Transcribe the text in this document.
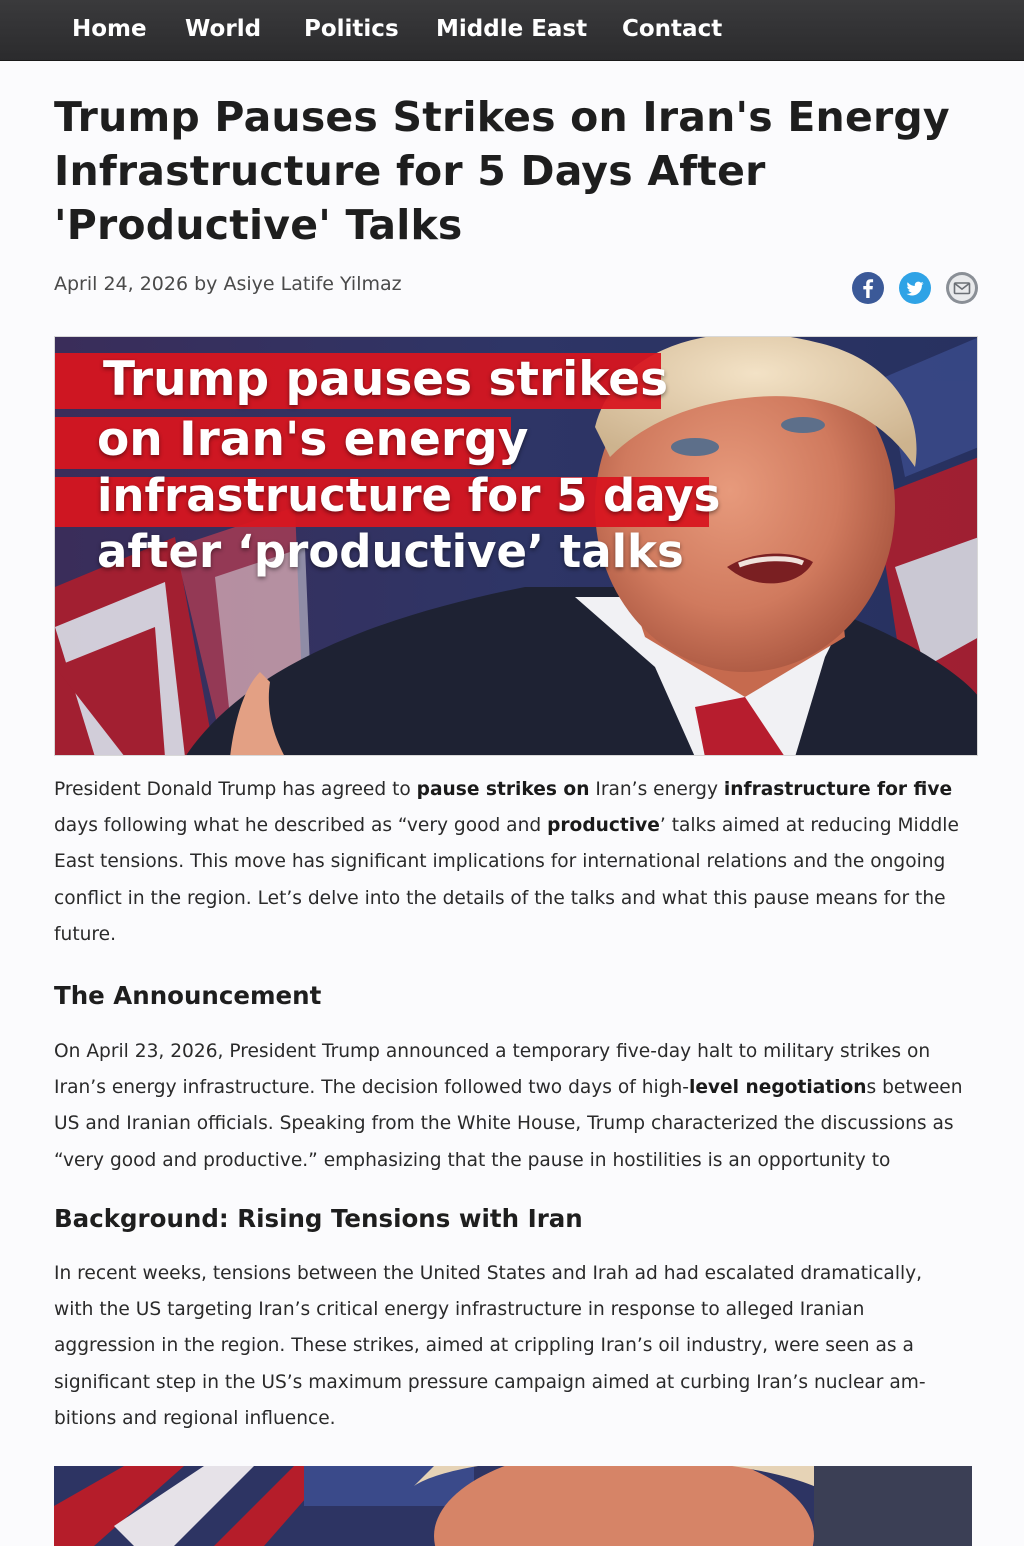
Home World Politics Middle East Contact
Trump Pauses Strikes on Iran's Energy Infrastructure for 5 Days After 'Productive' Talks
April 24, 2026 by Asiye Latife Yilmaz
Trump pauses strikes
on Iran's energy
infrastructure for 5 days
after ‘productive’ talks
President Donald Trump has agreed to pause strikes on Iran’s energy infrastructure for five
days following what he described as “very good and productive’ talks aimed at reducing Middle
East tensions. This move has significant implications for international relations and the ongoing
conflict in the region. Let’s delve into the details of the talks and what this pause means for the
future.
The Announcement
On April 23, 2026, President Trump announced a temporary five-day halt to military strikes on
Iran’s energy infrastructure. The decision followed two days of high-level negotiations between
US and Iranian officials. Speaking from the White House, Trump characterized the discussions as
“very good and productive.” emphasizing that the pause in hostilities is an opportunity to
Background: Rising Tensions with Iran
In recent weeks, tensions between the United States and Irah ad had escalated dramatically,
with the US targeting Iran’s critical energy infrastructure in response to alleged Iranian
aggression in the region. These strikes, aimed at crippling Iran’s oil industry, were seen as a
significant step in the US’s maximum pressure campaign aimed at curbing Iran’s nuclear am-
bitions and regional influence.
